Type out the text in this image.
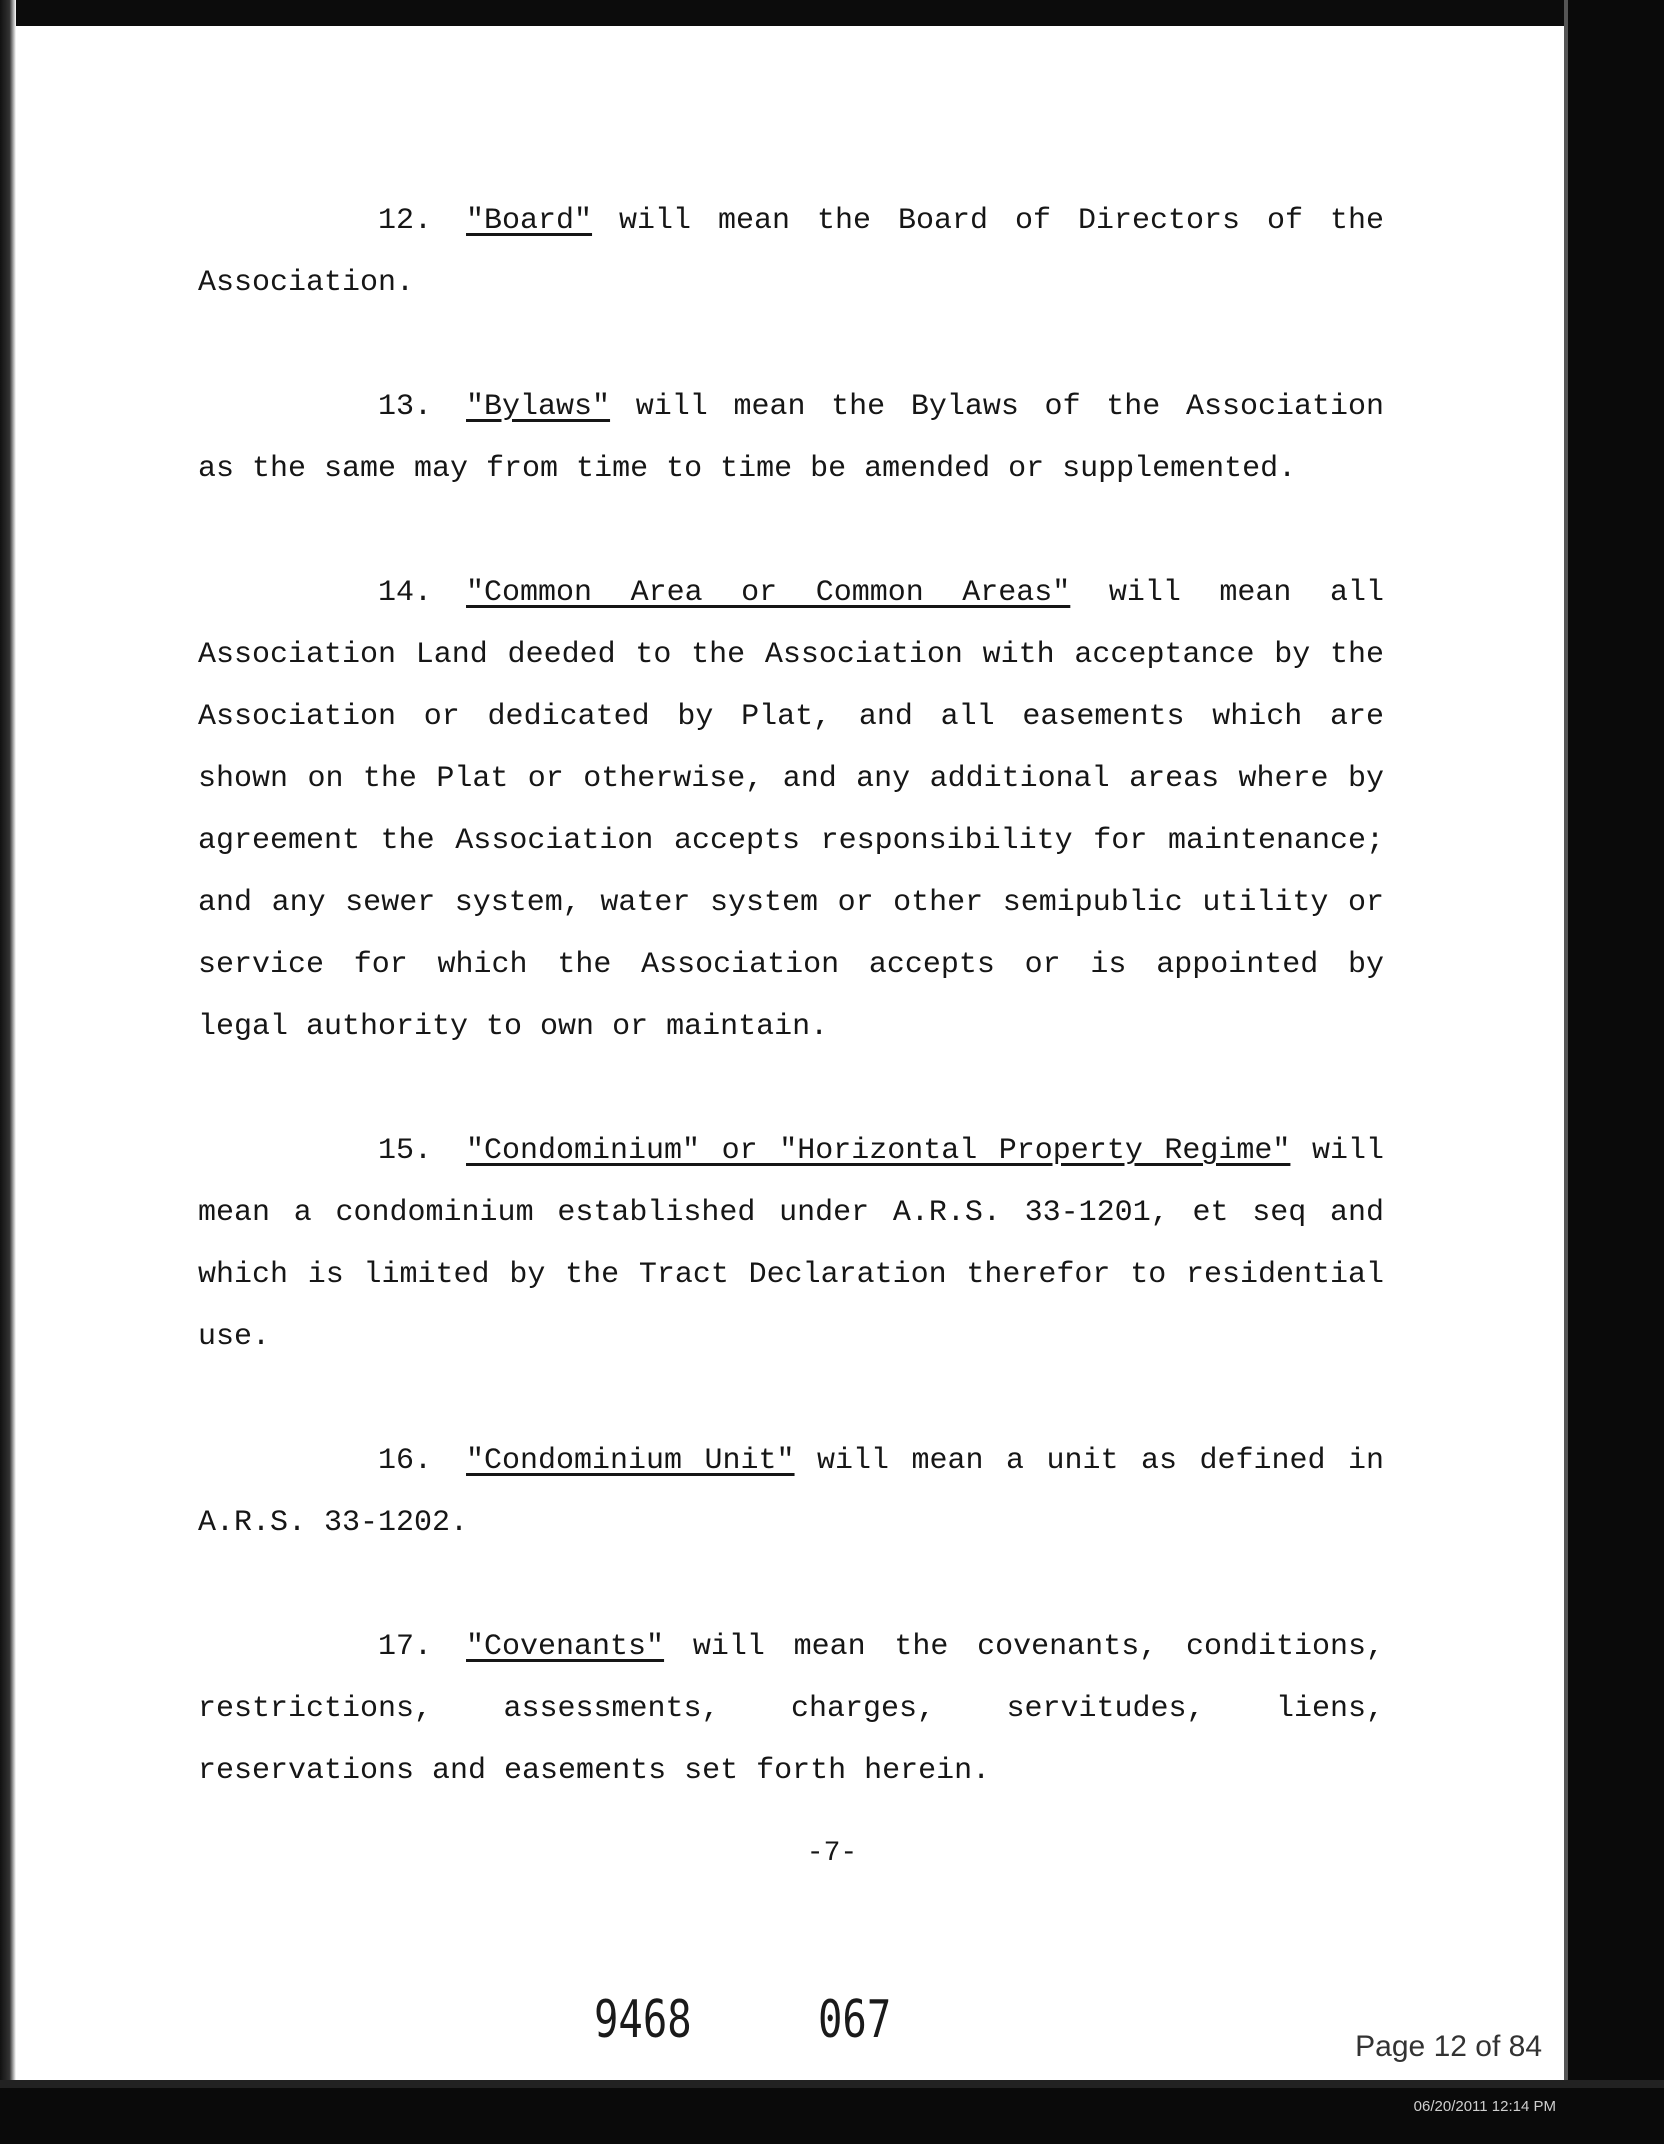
12. "Board" will mean the Board of Directors of the Association.

13. "Bylaws" will mean the Bylaws of the Association as the same may from time to time be amended or supplemented.

14. "Common Area or Common Areas" will mean all Association Land deeded to the Association with acceptance by the Association or dedicated by Plat, and all easements which are shown on the Plat or otherwise, and any additional areas where by agreement the Association accepts responsibility for maintenance; and any sewer system, water system or other semipublic utility or service for which the Association accepts or is appointed by legal authority to own or maintain.

15. "Condominium" or "Horizontal Property Regime" will mean a condominium established under A.R.S. 33-1201, et seq and which is limited by the Tract Declaration therefor to residential use.

16. "Condominium Unit" will mean a unit as defined in A.R.S. 33-1202.

17. "Covenants" will mean the covenants, conditions, restrictions, assessments, charges, servitudes, liens, reservations and easements set forth herein.

-7-
9468 067	Page 12 of 84
06/20/2011 12:14 PM
